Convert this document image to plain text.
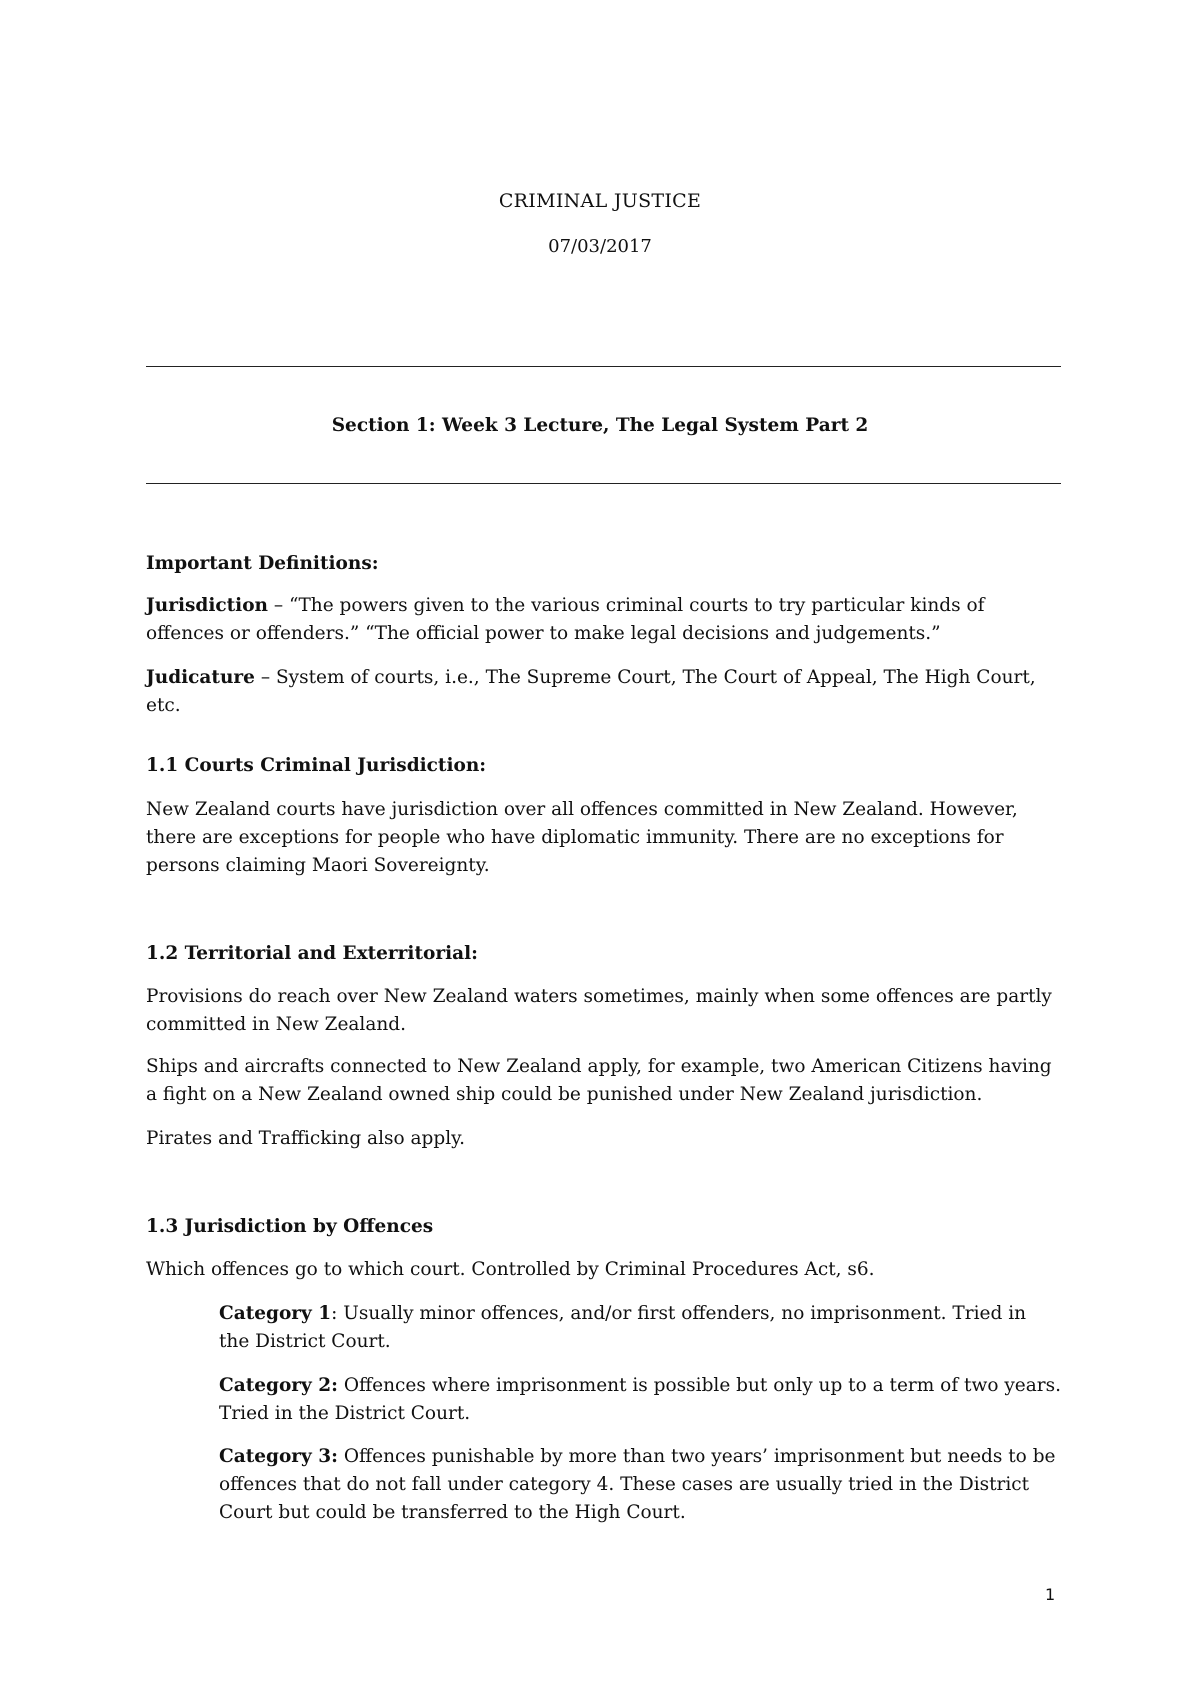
CRIMINAL JUSTICE
07/03/2017
Section 1: Week 3 Lecture, The Legal System Part 2

Important Definitions:

Jurisdiction – “The powers given to the various criminal courts to try particular kinds of offences or offenders.” “The official power to make legal decisions and judgements.”

Judicature – System of courts, i.e., The Supreme Court, The Court of Appeal, The High Court, etc.

1.1 Courts Criminal Jurisdiction:

New Zealand courts have jurisdiction over all offences committed in New Zealand. However, there are exceptions for people who have diplomatic immunity. There are no exceptions for persons claiming Maori Sovereignty.

1.2 Territorial and Exterritorial:

Provisions do reach over New Zealand waters sometimes, mainly when some offences are partly committed in New Zealand.

Ships and aircrafts connected to New Zealand apply, for example, two American Citizens having a fight on a New Zealand owned ship could be punished under New Zealand jurisdiction.

Pirates and Trafficking also apply.

1.3 Jurisdiction by Offences

Which offences go to which court. Controlled by Criminal Procedures Act, s6.

Category 1: Usually minor offences, and/or first offenders, no imprisonment. Tried in the District Court.

Category 2: Offences where imprisonment is possible but only up to a term of two years. Tried in the District Court.

Category 3: Offences punishable by more than two years’ imprisonment but needs to be offences that do not fall under category 4. These cases are usually tried in the District Court but could be transferred to the High Court.

1
